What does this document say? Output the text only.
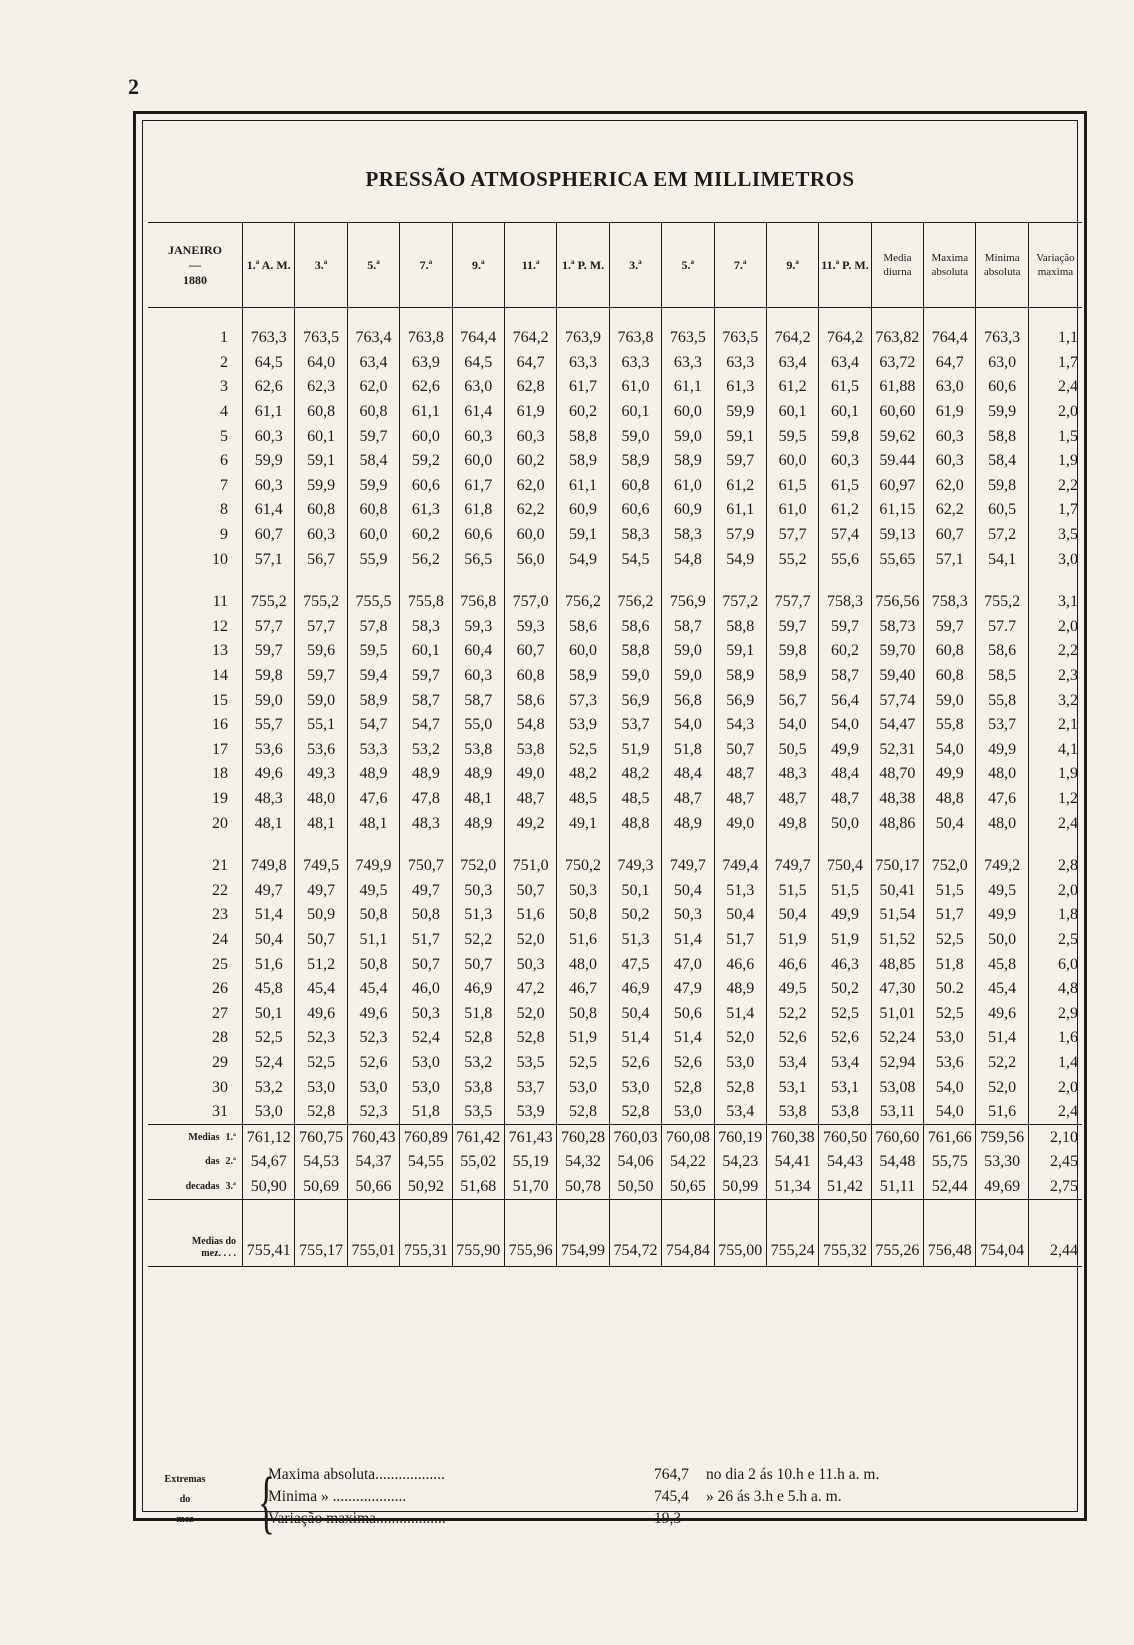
2
PRESSÃO ATMOSPHERICA EM MILLIMETROS
JANEIRO
—
1880	1.ª A. M.	3.ª	5.ª	7.ª	9.ª	11.ª	1.ª P. M.	3.ª	5.ª	7.ª	9.ª	11.ª P. M.	Media diurna	Maxima absoluta	Minima absoluta	Variação maxima

1	763,3	763,5	763,4	763,8	764,4	764,2	763,9	763,8	763,5	763,5	764,2	764,2	763,82	764,4	763,3	1,1
2	64,5	64,0	63,4	63,9	64,5	64,7	63,3	63,3	63,3	63,3	63,4	63,4	63,72	64,7	63,0	1,7
3	62,6	62,3	62,0	62,6	63,0	62,8	61,7	61,0	61,1	61,3	61,2	61,5	61,88	63,0	60,6	2,4
4	61,1	60,8	60,8	61,1	61,4	61,9	60,2	60,1	60,0	59,9	60,1	60,1	60,60	61,9	59,9	2,0
5	60,3	60,1	59,7	60,0	60,3	60,3	58,8	59,0	59,0	59,1	59,5	59,8	59,62	60,3	58,8	1,5
6	59,9	59,1	58,4	59,2	60,0	60,2	58,9	58,9	58,9	59,7	60,0	60,3	59.44	60,3	58,4	1,9
7	60,3	59,9	59,9	60,6	61,7	62,0	61,1	60,8	61,0	61,2	61,5	61,5	60,97	62,0	59,8	2,2
8	61,4	60,8	60,8	61,3	61,8	62,2	60,9	60,6	60,9	61,1	61,0	61,2	61,15	62,2	60,5	1,7
9	60,7	60,3	60,0	60,2	60,6	60,0	59,1	58,3	58,3	57,9	57,7	57,4	59,13	60,7	57,2	3,5
10	57,1	56,7	55,9	56,2	56,5	56,0	54,9	54,5	54,8	54,9	55,2	55,6	55,65	57,1	54,1	3,0

11	755,2	755,2	755,5	755,8	756,8	757,0	756,2	756,2	756,9	757,2	757,7	758,3	756,56	758,3	755,2	3,1
12	57,7	57,7	57,8	58,3	59,3	59,3	58,6	58,6	58,7	58,8	59,7	59,7	58,73	59,7	57.7	2,0
13	59,7	59,6	59,5	60,1	60,4	60,7	60,0	58,8	59,0	59,1	59,8	60,2	59,70	60,8	58,6	2,2
14	59,8	59,7	59,4	59,7	60,3	60,8	58,9	59,0	59,0	58,9	58,9	58,7	59,40	60,8	58,5	2,3
15	59,0	59,0	58,9	58,7	58,7	58,6	57,3	56,9	56,8	56,9	56,7	56,4	57,74	59,0	55,8	3,2
16	55,7	55,1	54,7	54,7	55,0	54,8	53,9	53,7	54,0	54,3	54,0	54,0	54,47	55,8	53,7	2,1
17	53,6	53,6	53,3	53,2	53,8	53,8	52,5	51,9	51,8	50,7	50,5	49,9	52,31	54,0	49,9	4,1
18	49,6	49,3	48,9	48,9	48,9	49,0	48,2	48,2	48,4	48,7	48,3	48,4	48,70	49,9	48,0	1,9
19	48,3	48,0	47,6	47,8	48,1	48,7	48,5	48,5	48,7	48,7	48,7	48,7	48,38	48,8	47,6	1,2
20	48,1	48,1	48,1	48,3	48,9	49,2	49,1	48,8	48,9	49,0	49,8	50,0	48,86	50,4	48,0	2,4

21	749,8	749,5	749,9	750,7	752,0	751,0	750,2	749,3	749,7	749,4	749,7	750,4	750,17	752,0	749,2	2,8
22	49,7	49,7	49,5	49,7	50,3	50,7	50,3	50,1	50,4	51,3	51,5	51,5	50,41	51,5	49,5	2,0
23	51,4	50,9	50,8	50,8	51,3	51,6	50,8	50,2	50,3	50,4	50,4	49,9	51,54	51,7	49,9	1,8
24	50,4	50,7	51,1	51,7	52,2	52,0	51,6	51,3	51,4	51,7	51,9	51,9	51,52	52,5	50,0	2,5
25	51,6	51,2	50,8	50,7	50,7	50,3	48,0	47,5	47,0	46,6	46,6	46,3	48,85	51,8	45,8	6,0
26	45,8	45,4	45,4	46,0	46,9	47,2	46,7	46,9	47,9	48,9	49,5	50,2	47,30	50.2	45,4	4,8
27	50,1	49,6	49,6	50,3	51,8	52,0	50,8	50,4	50,6	51,4	52,2	52,5	51,01	52,5	49,6	2,9
28	52,5	52,3	52,3	52,4	52,8	52,8	51,9	51,4	51,4	52,0	52,6	52,6	52,24	53,0	51,4	1,6
29	52,4	52,5	52,6	53,0	53,2	53,5	52,5	52,6	52,6	53,0	53,4	53,4	52,94	53,6	52,2	1,4
30	53,2	53,0	53,0	53,0	53,8	53,7	53,0	53,0	52,8	52,8	53,1	53,1	53,08	54,0	52,0	2,0
31	53,0	52,8	52,3	51,8	53,5	53,9	52,8	52,8	53,0	53,4	53,8	53,8	53,11	54,0	51,6	2,4
Medias 1.ª	761,12	760,75	760,43	760,89	761,42	761,43	760,28	760,03	760,08	760,19	760,38	760,50	760,60	761,66	759,56	2,10
das 2.ª	54,67	54,53	54,37	54,55	55,02	55,19	54,32	54,06	54,22	54,23	54,41	54,43	54,48	55,75	53,30	2,45
decadas 3.ª	50,90	50,69	50,66	50,92	51,68	51,70	50,78	50,50	50,65	50,99	51,34	51,42	51,11	52,44	49,69	2,75

Medias do
mez. . . .	755,41	755,17	755,01	755,31	755,90	755,96	754,99	754,72	754,84	755,00	755,24	755,32	755,26	756,48	754,04	2,44
Extremas
do
mez {
Maxima absoluta..................	764,7 no dia 2 ás 10.h e 11.h a. m.
Minima » ...................	745,4 » 26 ás 3.h e 5.h a. m.
Variação maxima..................	19,3
